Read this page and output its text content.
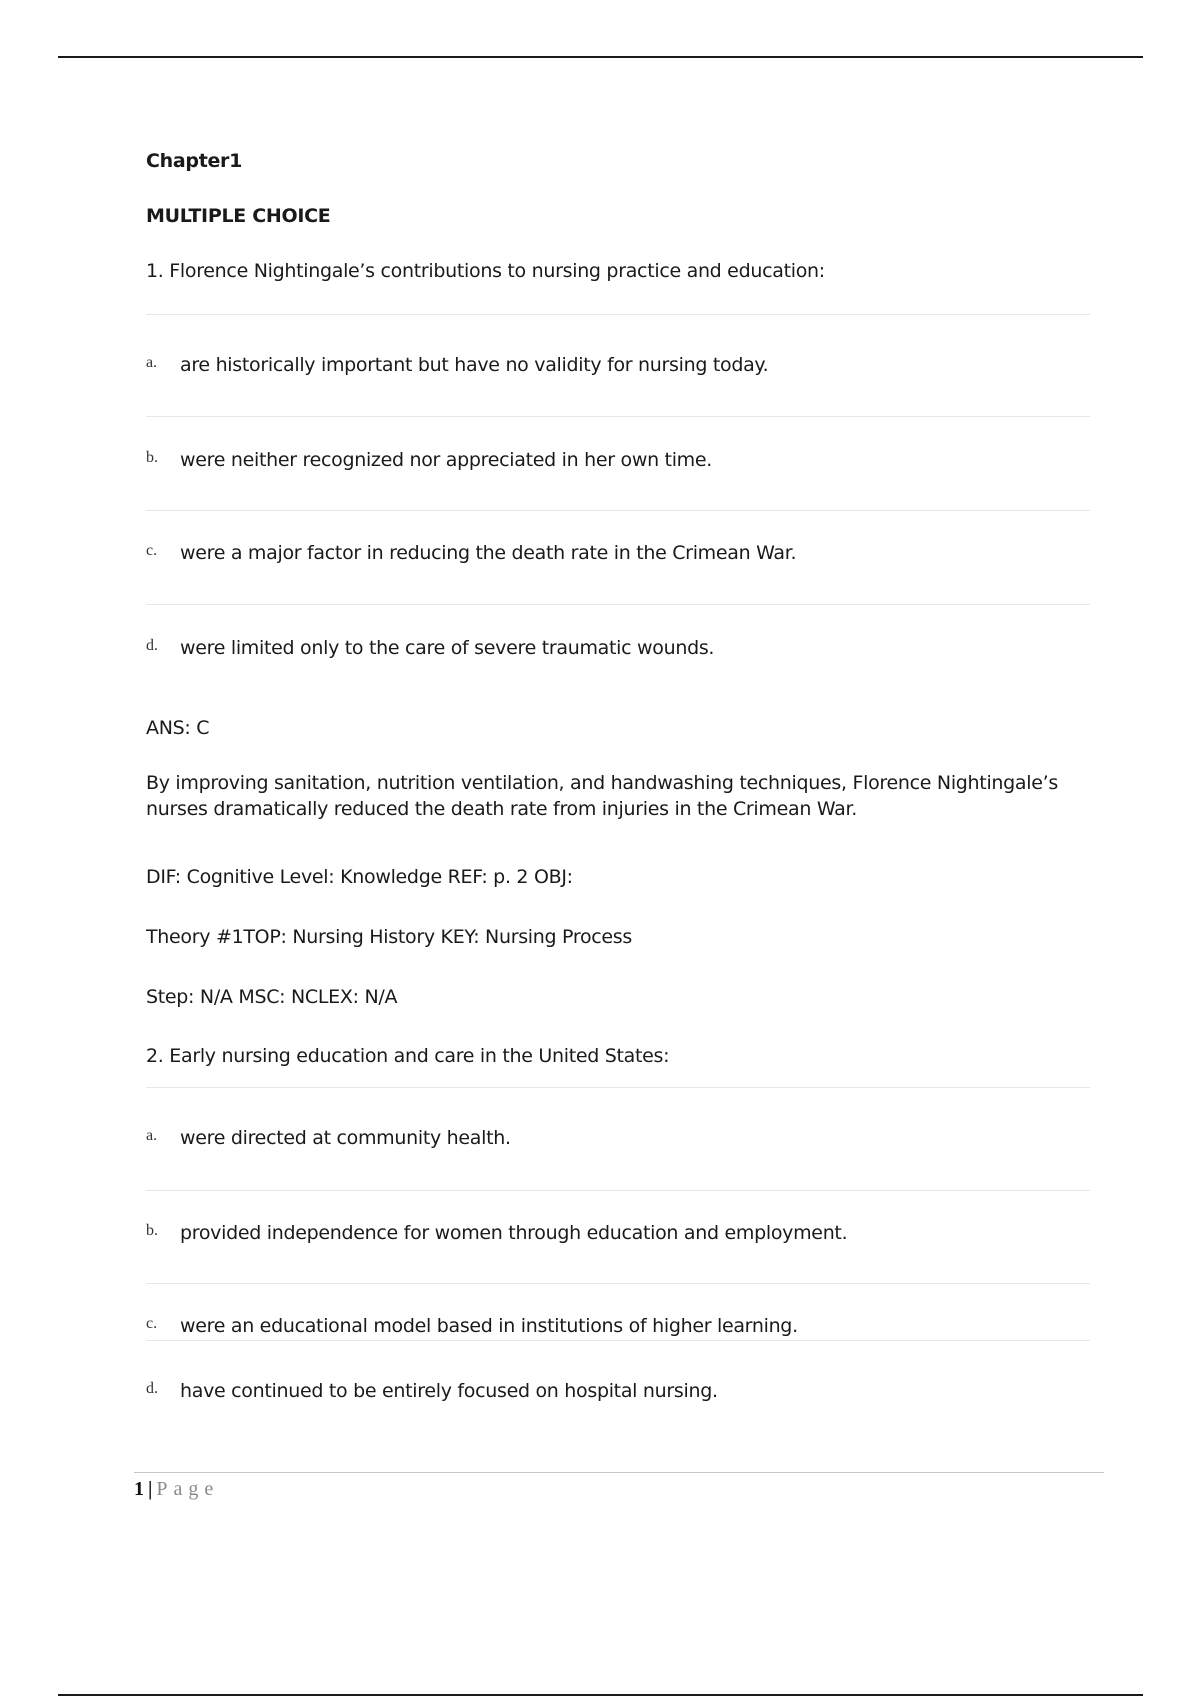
Chapter1
MULTIPLE CHOICE
1. Florence Nightingale’s contributions to nursing practice and education:
a. are historically important but have no validity for nursing today.
b. were neither recognized nor appreciated in her own time.
c. were a major factor in reducing the death rate in the Crimean War.
d. were limited only to the care of severe traumatic wounds.
ANS: C
By improving sanitation, nutrition ventilation, and handwashing techniques, Florence Nightingale’s nurses dramatically reduced the death rate from injuries in the Crimean War.
DIF: Cognitive Level: Knowledge REF: p. 2 OBJ:
Theory #1TOP: Nursing History KEY: Nursing Process
Step: N/A MSC: NCLEX: N/A
2. Early nursing education and care in the United States:
a. were directed at community health.
b. provided independence for women through education and employment.
c. were an educational model based in institutions of higher learning.
d. have continued to be entirely focused on hospital nursing.
1 | Page
